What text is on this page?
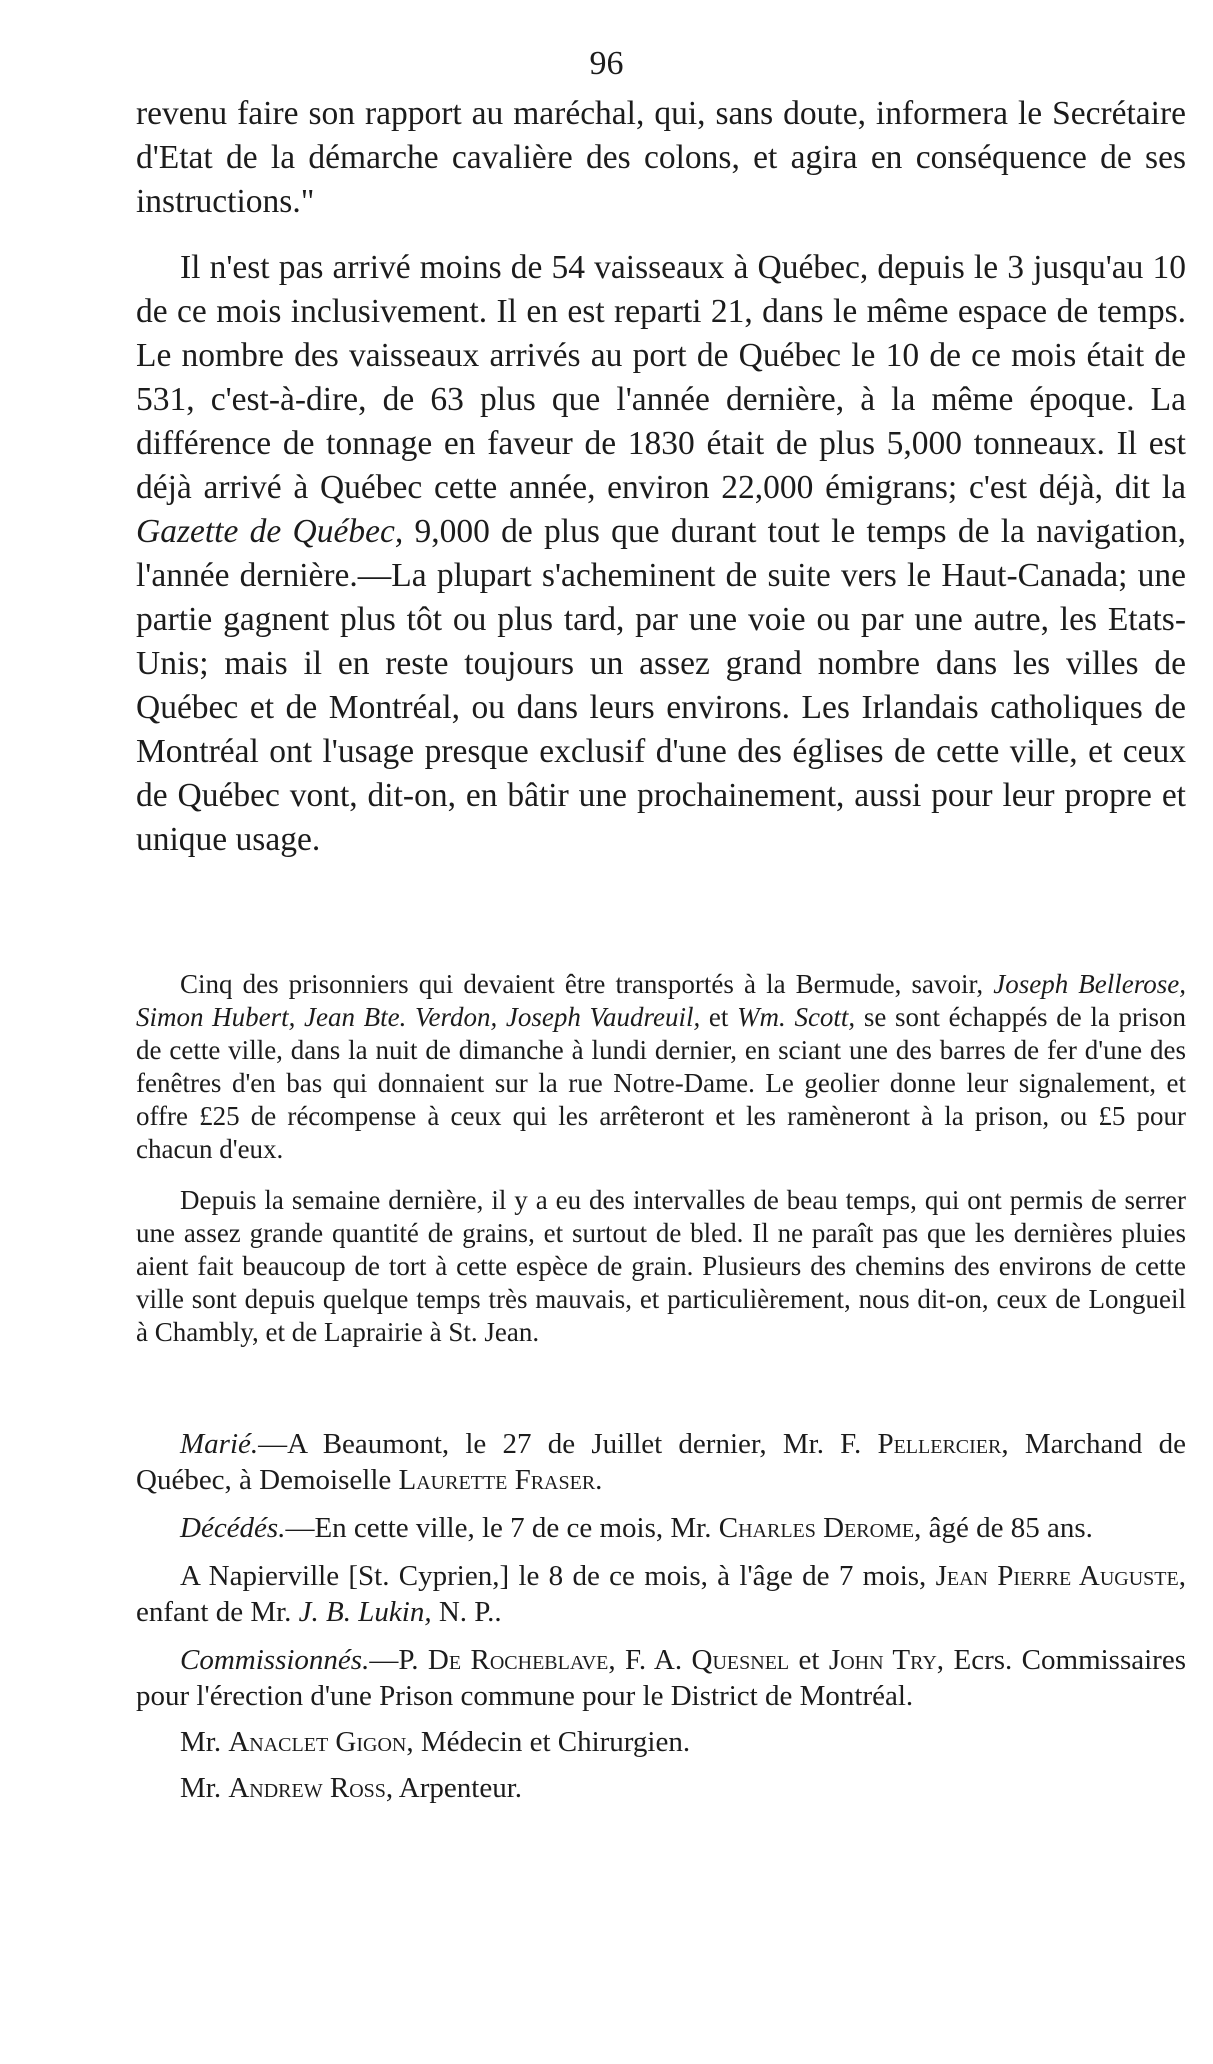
96

revenu faire son rapport au maréchal, qui, sans doute, informera le Secrétaire d'Etat de la démarche cavalière des colons, et agira en conséquence de ses instructions."

Il n'est pas arrivé moins de 54 vaisseaux à Québec, depuis le 3 jusqu'au 10 de ce mois inclusivement. Il en est reparti 21, dans le même espace de temps. Le nombre des vaisseaux arrivés au port de Québec le 10 de ce mois était de 531, c'est-à-dire, de 63 plus que l'année dernière, à la même époque. La différence de tonnage en faveur de 1830 était de plus 5,000 tonneaux. Il est déjà arrivé à Québec cette année, environ 22,000 émigrans; c'est déjà, dit la Gazette de Québec, 9,000 de plus que durant tout le temps de la navigation, l'année dernière.—La plupart s'acheminent de suite vers le Haut-Canada; une partie gagnent plus tôt ou plus tard, par une voie ou par une autre, les Etats-Unis; mais il en reste toujours un assez grand nombre dans les villes de Québec et de Montréal, ou dans leurs environs. Les Irlandais catholiques de Montréal ont l'usage presque exclusif d'une des églises de cette ville, et ceux de Québec vont, dit-on, en bâtir une prochainement, aussi pour leur propre et unique usage.

Cinq des prisonniers qui devaient être transportés à la Bermude, savoir, Joseph Bellerose, Simon Hubert, Jean Bte. Verdon, Joseph Vaudreuil, et Wm. Scott, se sont échappés de la prison de cette ville, dans la nuit de dimanche à lundi dernier, en sciant une des barres de fer d'une des fenêtres d'en bas qui donnaient sur la rue Notre-Dame. Le geolier donne leur signalement, et offre £25 de récompense à ceux qui les arrêteront et les ramèneront à la prison, ou £5 pour chacun d'eux.

Depuis la semaine dernière, il y a eu des intervalles de beau temps, qui ont permis de serrer une assez grande quantité de grains, et surtout de bled. Il ne paraît pas que les dernières pluies aient fait beaucoup de tort à cette espèce de grain. Plusieurs des chemins des environs de cette ville sont depuis quelque temps très mauvais, et particulièrement, nous dit-on, ceux de Longueil à Chambly, et de Laprairie à St. Jean.

Marié.—A Beaumont, le 27 de Juillet dernier, Mr. F. Pellercier, Marchand de Québec, à Demoiselle Laurette Fraser.

Décédés.—En cette ville, le 7 de ce mois, Mr. Charles Derome, âgé de 85 ans.

A Napierville [St. Cyprien,] le 8 de ce mois, à l'âge de 7 mois, Jean Pierre Auguste, enfant de Mr. J. B. Lukin, N. P..

Commissionnés.—P. De Rocheblave, F. A. Quesnel et John Try, Ecrs. Commissaires pour l'érection d'une Prison commune pour le District de Montréal.

Mr. Anaclet Gigon, Médecin et Chirurgien.

Mr. Andrew Ross, Arpenteur.
